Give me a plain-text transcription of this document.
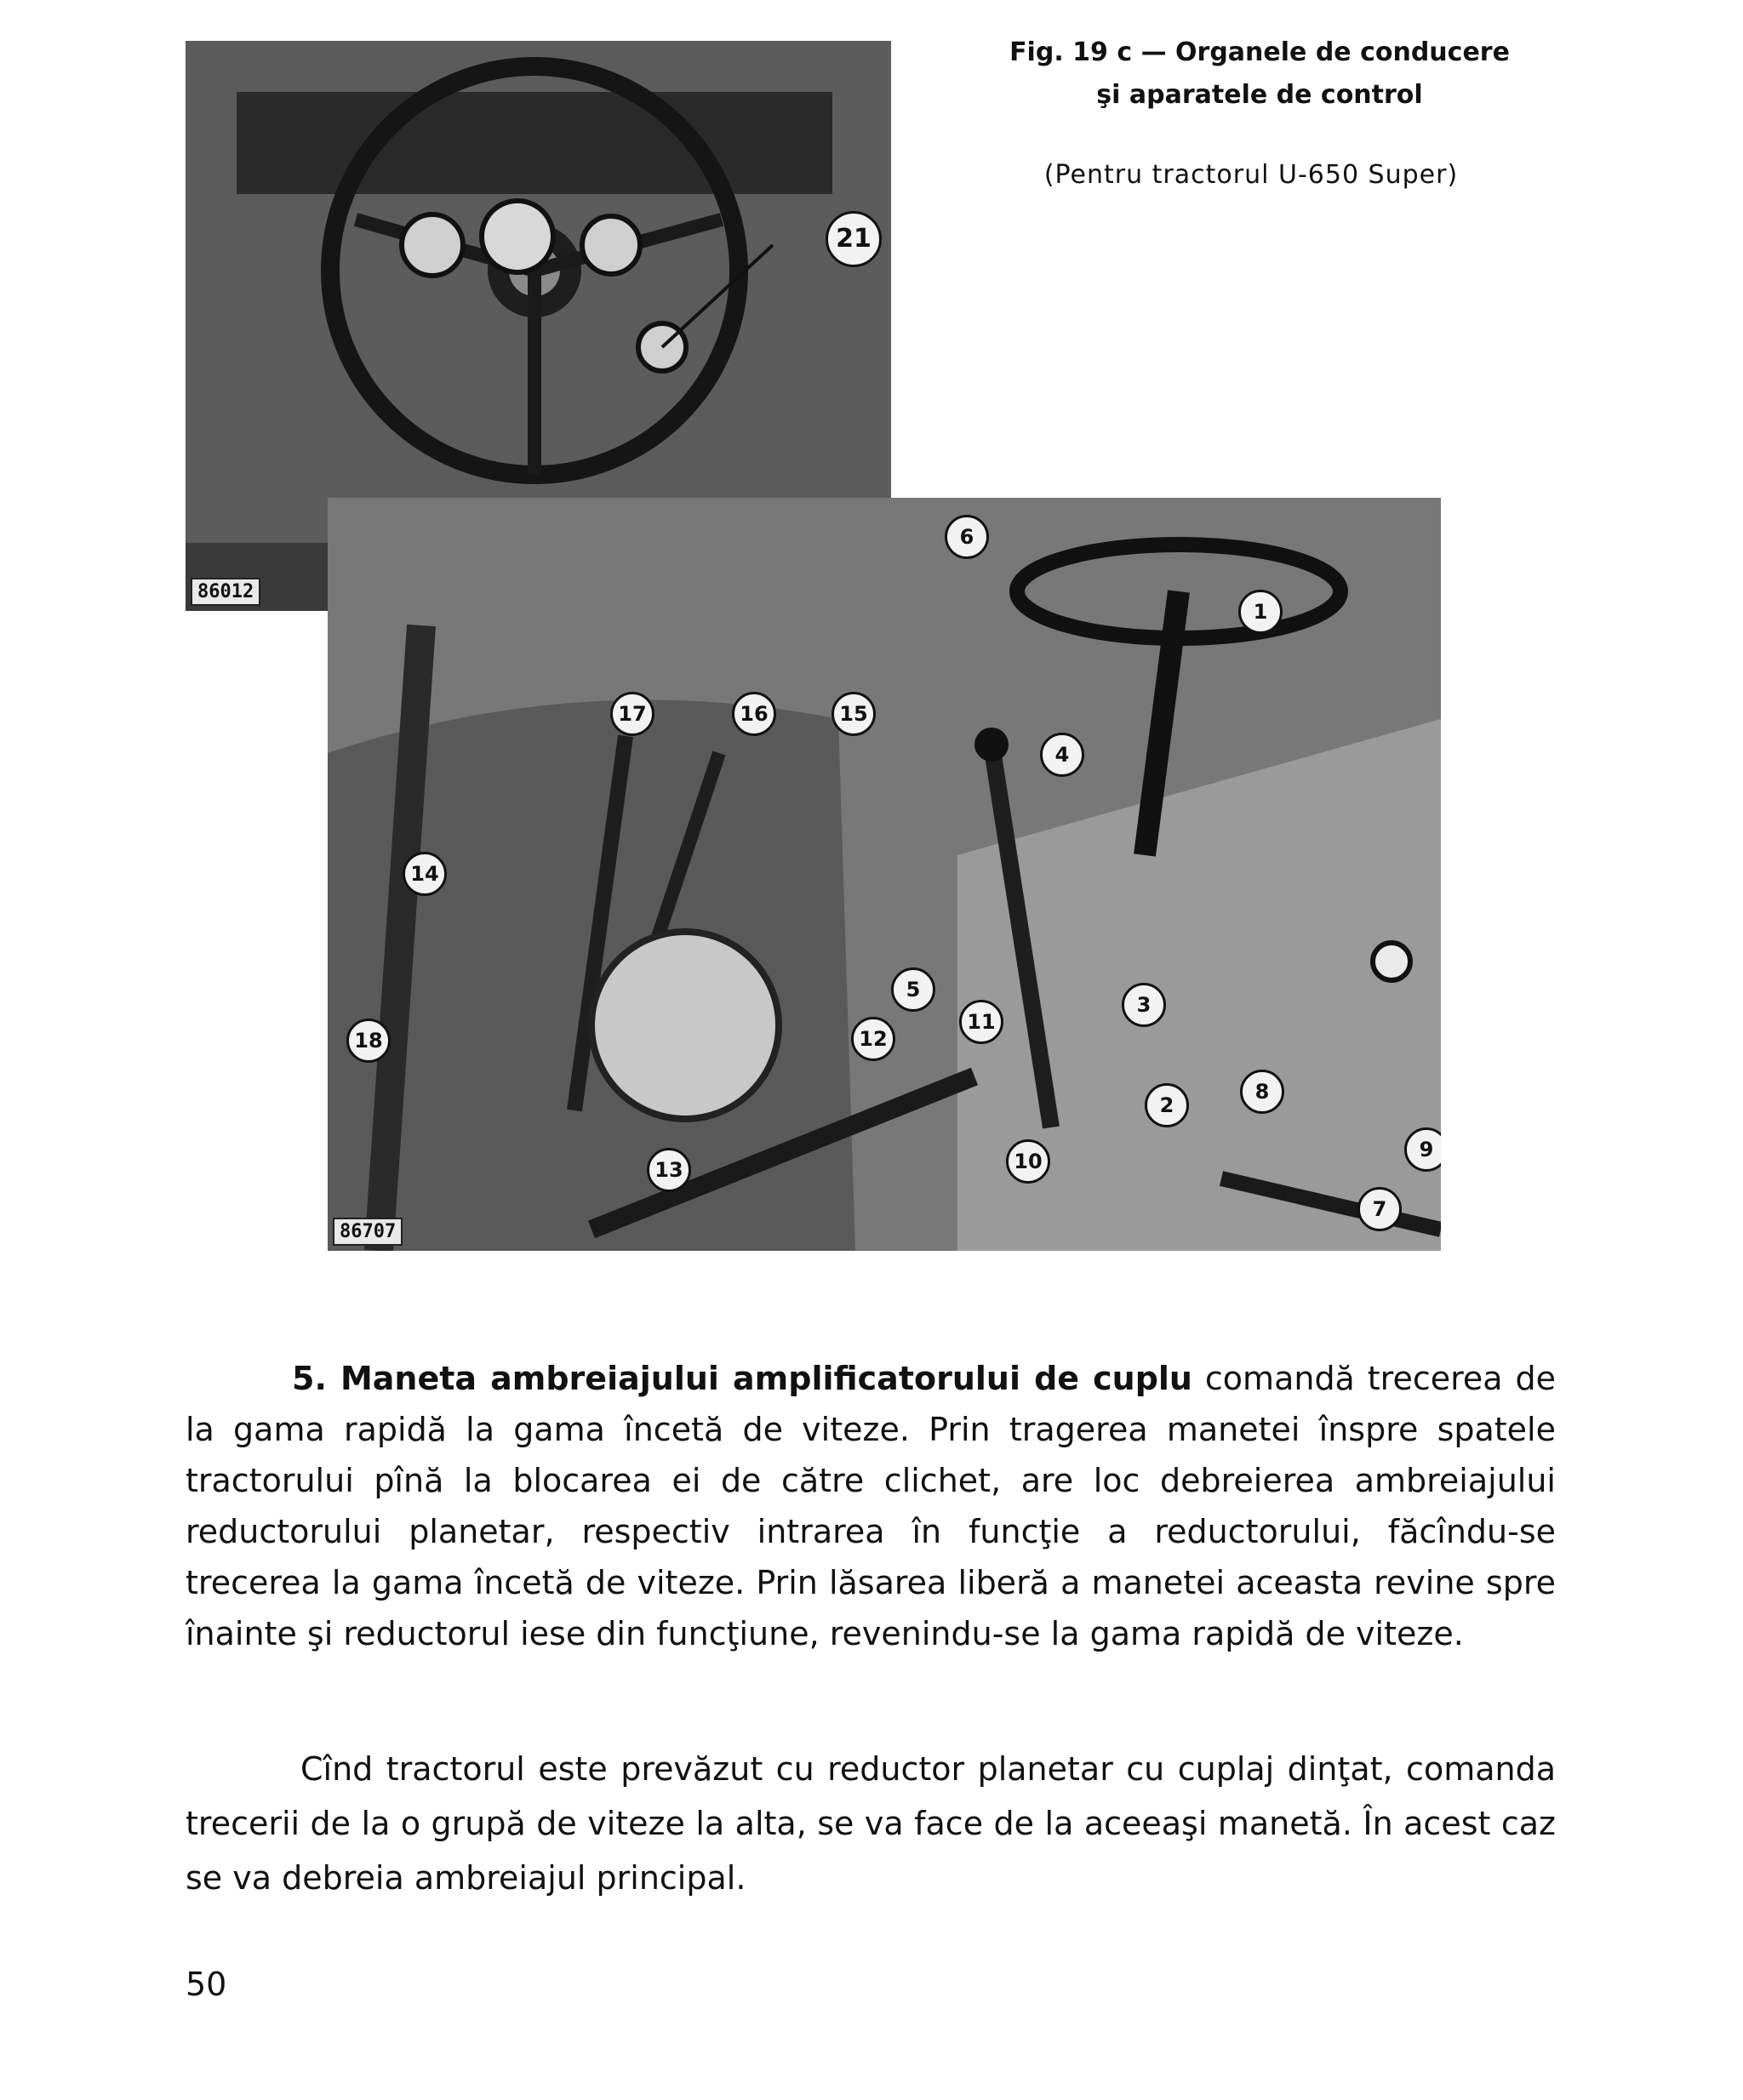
21
86012
Fig. 19 c — Organele de conducere
şi aparatele de control
(Pentru tractorul U-650 Super)
6
1
17	16	15
4
14
5
3
18	12
11
2
8
9
13	10
7
86707

5. Maneta ambreiajului amplificatorului de cuplu comandă trecerea de la gama rapidă la gama încetă de viteze. Prin tragerea manetei înspre spatele tractorului pînă la blocarea ei de către clichet, are loc debreierea ambreiajului reductorului planetar, respectiv intrarea în funcţie a reductorului, făcîndu-se trecerea la gama încetă de viteze. Prin lăsarea liberă a manetei aceasta revine spre înainte şi reductorul iese din funcţiune, revenindu-se la gama rapidă de viteze.

Cînd tractorul este prevăzut cu reductor planetar cu cuplaj dinţat, comanda trecerii de la o grupă de viteze la alta, se va face de la aceeaşi manetă. În acest caz se va debreia ambreiajul principal.

50
